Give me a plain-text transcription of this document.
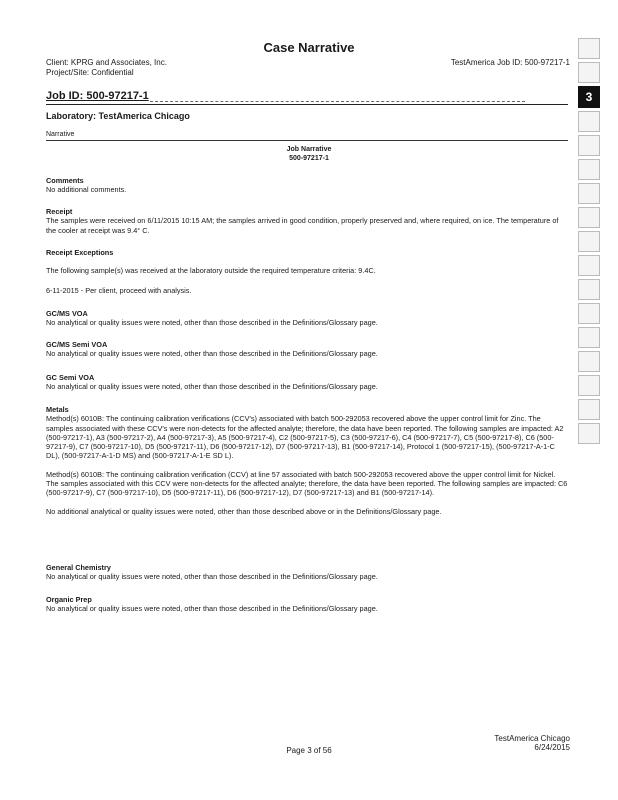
Case Narrative
Client: KPRG and Associates, Inc.
Project/Site: Confidential
TestAmerica Job ID: 500-97217-1
Job ID: 500-97217-1
Laboratory: TestAmerica Chicago
Narrative
Job Narrative
500-97217-1

Comments

No additional comments.

Receipt

The samples were received on 6/11/2015 10:15 AM; the samples arrived in good condition, properly preserved and, where required, on ice. The temperature of the cooler at receipt was 9.4° C.

Receipt Exceptions

The following sample(s) was received at the laboratory outside the required temperature criteria: 9.4C.

6-11-2015 - Per client, proceed with analysis.

GC/MS VOA

No analytical or quality issues were noted, other than those described in the Definitions/Glossary page.

GC/MS Semi VOA

No analytical or quality issues were noted, other than those described in the Definitions/Glossary page.

GC Semi VOA

No analytical or quality issues were noted, other than those described in the Definitions/Glossary page.

Metals

Method(s) 6010B: The continuing calibration verifications (CCV's) associated with batch 500-292053 recovered above the upper control limit for Zinc. The samples associated with these CCV's were non-detects for the affected analyte; therefore, the data have been reported. The following samples are impacted: A2 (500-97217-1), A3 (500-97217-2), A4 (500-97217-3), A5 (500-97217-4), C2 (500-97217-5), C3 (500-97217-6), C4 (500-97217-7), C5 (500-97217-8), C6 (500-97217-9), C7 (500-97217-10), D5 (500-97217-11), D6 (500-97217-12), D7 (500-97217-13), B1 (500-97217-14), Protocol 1 (500-97217-15), (500-97217-A-1-C DL), (500-97217-A-1-D MS) and (500-97217-A-1-E SD L).

Method(s) 6010B: The continuing calibration verification (CCV) at line 57 associated with batch 500-292053 recovered above the upper control limit for Nickel. The samples associated with this CCV were non-detects for the affected analyte; therefore, the data have been reported. The following samples are impacted: C6 (500-97217-9), C7 (500-97217-10), D5 (500-97217-11), D6 (500-97217-12), D7 (500-97217-13) and B1 (500-97217-14).

No additional analytical or quality issues were noted, other than those described above or in the Definitions/Glossary page.

General Chemistry

No analytical or quality issues were noted, other than those described in the Definitions/Glossary page.

Organic Prep

No analytical or quality issues were noted, other than those described in the Definitions/Glossary page.

TestAmerica Chicago
6/24/2015
Page 3 of 56
3
